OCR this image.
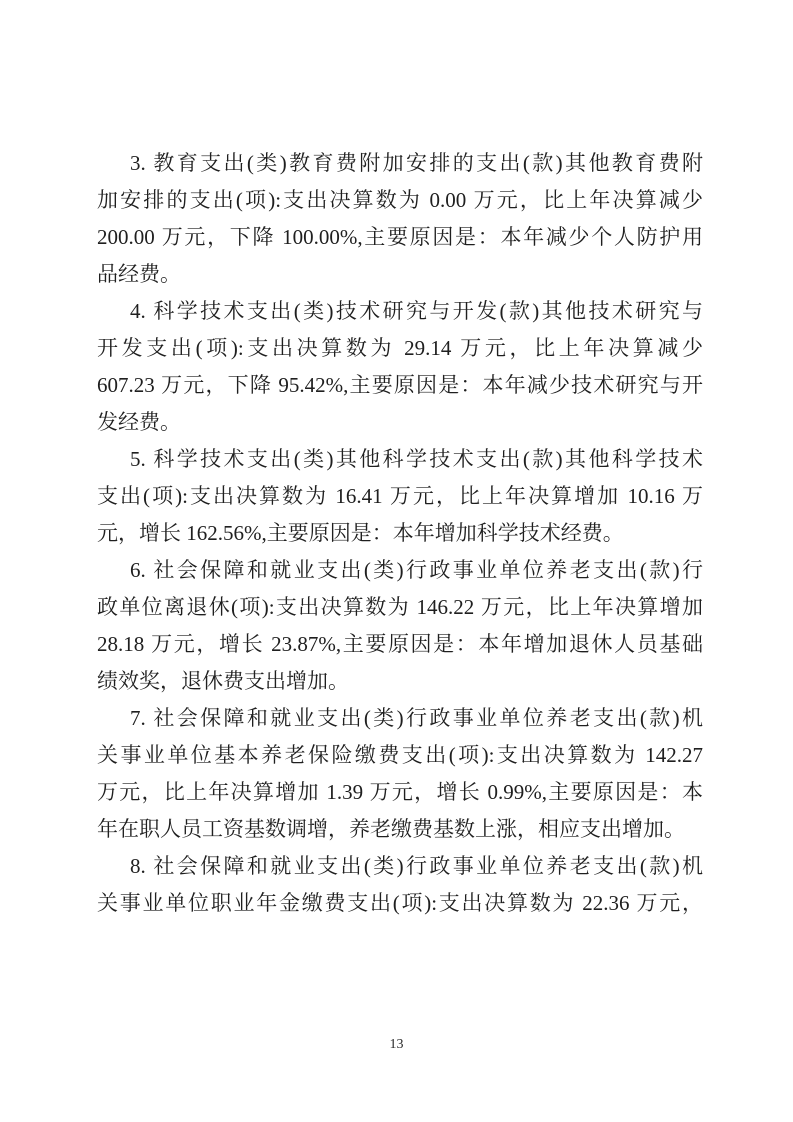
3. 教育支出(类)教育费附加安排的支出(款)其他教育费附
加安排的支出(项):支出决算数为 0.00 万元，比上年决算减少
200.00 万元，下降 100.00%,主要原因是：本年减少个人防护用
品经费。
4. 科学技术支出(类)技术研究与开发(款)其他技术研究与
开发支出(项):支出决算数为 29.14 万元，比上年决算减少
607.23 万元，下降 95.42%,主要原因是：本年减少技术研究与开
发经费。
5. 科学技术支出(类)其他科学技术支出(款)其他科学技术
支出(项):支出决算数为 16.41 万元，比上年决算增加 10.16 万
元，增长 162.56%,主要原因是：本年增加科学技术经费。
6. 社会保障和就业支出(类)行政事业单位养老支出(款)行
政单位离退休(项):支出决算数为 146.22 万元，比上年决算增加
28.18 万元，增长 23.87%,主要原因是：本年增加退休人员基础
绩效奖，退休费支出增加。
7. 社会保障和就业支出(类)行政事业单位养老支出(款)机
关事业单位基本养老保险缴费支出(项):支出决算数为 142.27
万元，比上年决算增加 1.39 万元，增长 0.99%,主要原因是：本
年在职人员工资基数调增，养老缴费基数上涨，相应支出增加。
8. 社会保障和就业支出(类)行政事业单位养老支出(款)机
关事业单位职业年金缴费支出(项):支出决算数为 22.36 万元，
13
